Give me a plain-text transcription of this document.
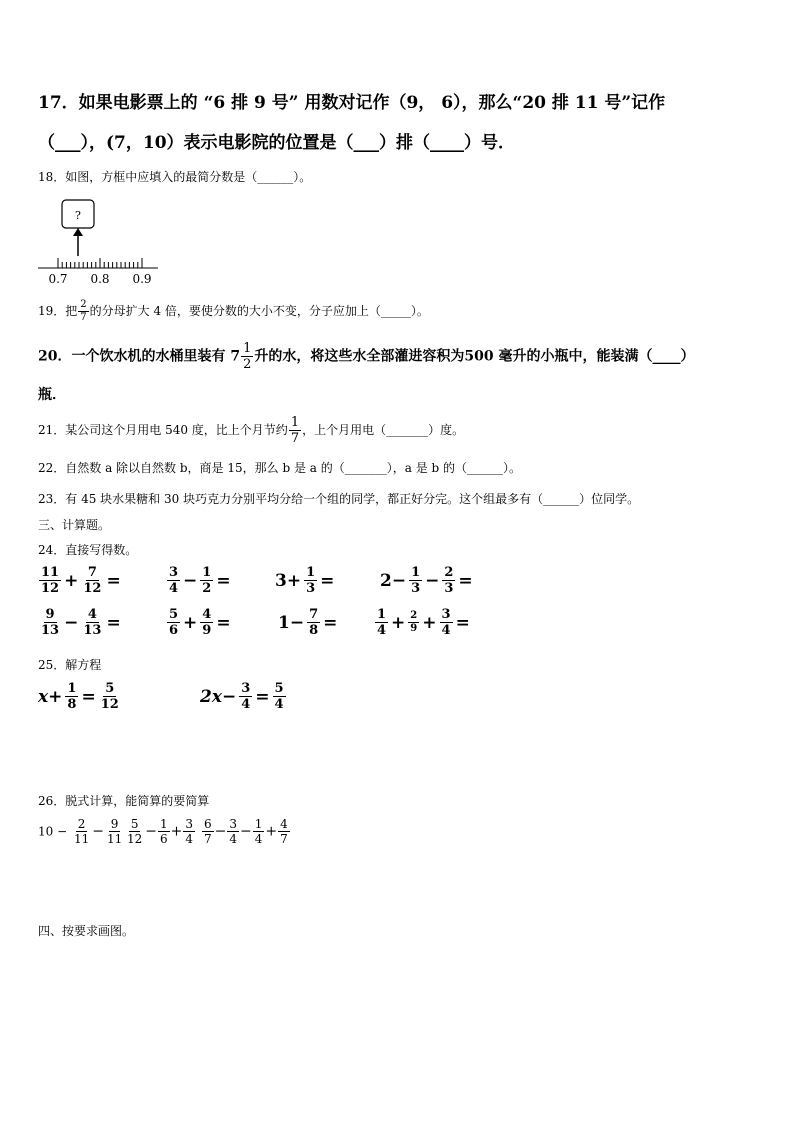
17．如果电影票上的 “6 排 9 号” 用数对记作（9， 6），那么“20 排 11 号”记作
（___），(7，10）表示电影院的位置是（___）排（____）号．
18．如图，方框中应填入的最简分数是（______）。
?
0.7 0.8 0.9
19．把 $\frac{2}{7}$ 的分母扩大 4 倍，要使分数的大小不变，分子应加上（_____）。
20．一个饮水机的水桶里装有 $7 \frac{1}{2}$ 升的水，将这些水全部灌进容积为500 毫升的小瓶中，能装满（____）
瓶．
21．某公司这个月用电 540 度，比上个月节约 $\frac{1}{7}$ ，上个月用电（_______）度。
22．自然数 a 除以自然数 b，商是 15，那么 b 是 a 的（_______），a 是 b 的（______）。
23．有 45 块水果糖和 30 块巧克力分别平均分给一个组的同学，都正好分完。这个组最多有（______）位同学。
三、计算题。
24．直接写得数。
$\frac{11}{12} + \frac{7}{12}$ =	$\frac{3}{4} - \frac{1}{2}$ =	$3+ \frac{1}{3}$ =	$2- \frac{1}{3} - \frac{2}{3}$ =
$\frac{9}{13} - \frac{4}{13}$ =	$\frac{5}{6} + \frac{4}{9}$ =	$1- \frac{7}{8}$ =	$\frac{1}{4} + \frac{2}{9} + \frac{3}{4}$ =
25．解方程
$x+ \frac{1}{8} = \frac{5}{12}$	$2x- \frac{3}{4} = \frac{5}{4}$
26．脱式计算，能简算的要简算
$10 - \frac{2}{11} - \frac{9}{11} \frac{5}{12} - \frac{1}{6} + \frac{3}{4} \frac{6}{7} - \frac{3}{4} - \frac{1}{4} + \frac{4}{7}$
四、按要求画图。
